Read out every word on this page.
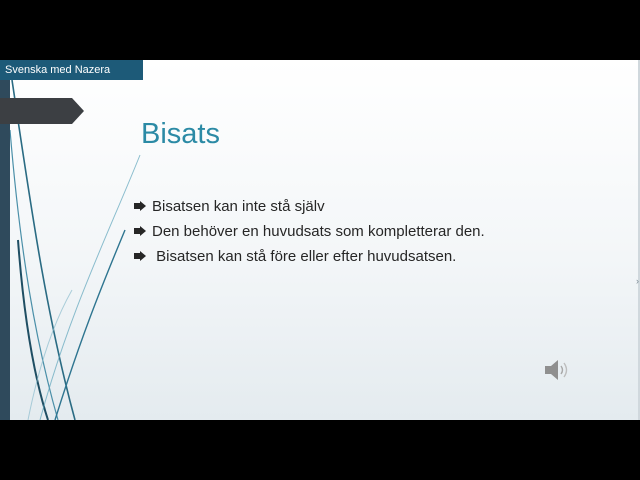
Svenska med Nazera
›
Bisats
Bisatsen kan inte stå själv
Den behöver en huvudsats som kompletterar den.
Bisatsen kan stå före eller efter huvudsatsen.
